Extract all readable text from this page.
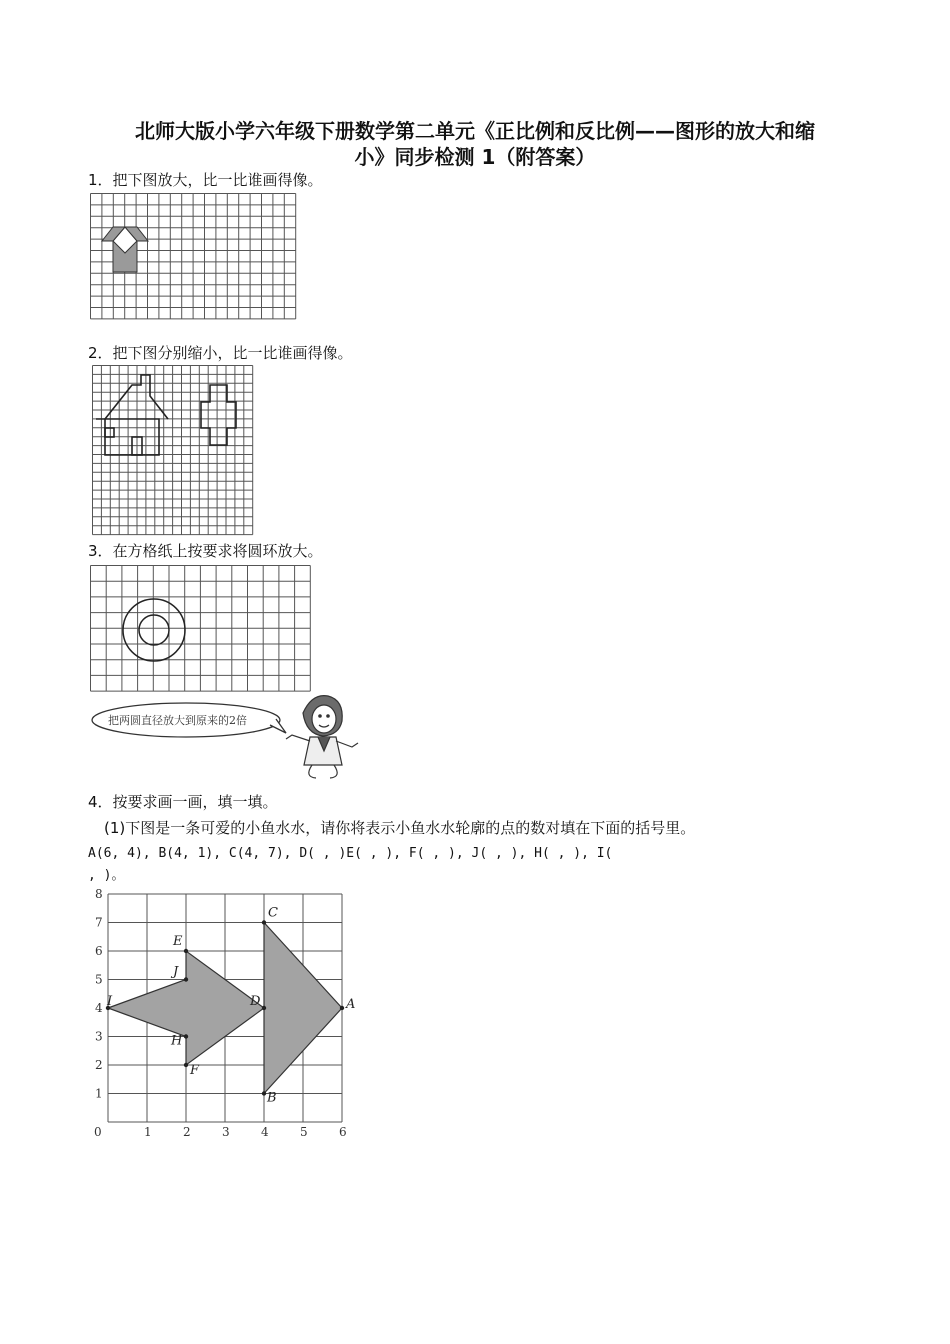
北师大版小学六年级下册数学第二单元《正比例和反比例——图形的放大和缩
小》同步检测 1（附答案）
1．把下图放大，比一比谁画得像。
2．把下图分别缩小，比一比谁画得像。
3．在方格纸上按要求将圆环放大。
把两圆直径放大到原来的2倍
4．按要求画一画，填一填。
(1)下图是一条可爱的小鱼水水，请你将表示小鱼水水轮廓的点的数对填在下面的括号里。
A(6, 4), B(4, 1), C(4, 7), D( , )E( , ), F( , ), J( , ), H( , ), I(
, )。
0	1	2	3	4	5	6
1
2
3
4
5
6
7
8
A
B
C
D
E
F
J
H
I
